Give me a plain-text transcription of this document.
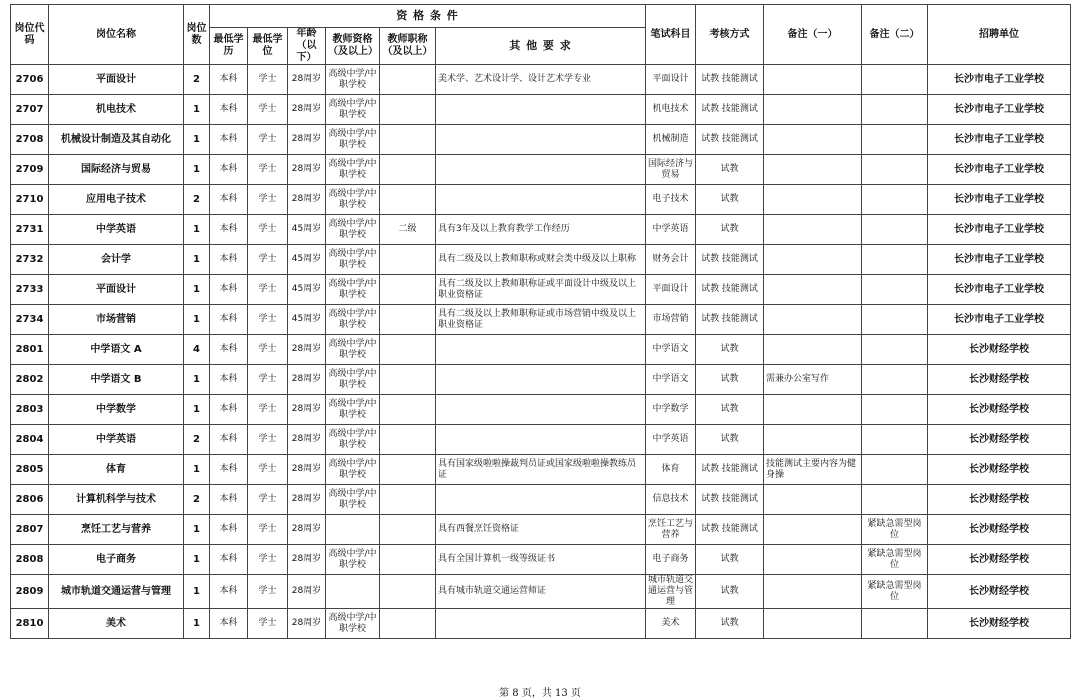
岗位代码	岗位名称	岗位数	资 格 条 件						笔试科目	考核方式	备注（一）	备注（二）	招聘单位
			最低学历	最低学位	年龄（以下）	教师资格（及以上）	教师职称（及以上）	其 他 要 求					
2706	平面设计	2	本科	学士	28周岁	高级中学/中职学校		美术学、艺术设计学、设计艺术学专业	平面设计	试教 技能测试			长沙市电子工业学校
2707	机电技术	1	本科	学士	28周岁	高级中学/中职学校			机电技术	试教 技能测试			长沙市电子工业学校
2708	机械设计制造及其自动化	1	本科	学士	28周岁	高级中学/中职学校			机械制造	试教 技能测试			长沙市电子工业学校
2709	国际经济与贸易	1	本科	学士	28周岁	高级中学/中职学校			国际经济与贸易	试教			长沙市电子工业学校
2710	应用电子技术	2	本科	学士	28周岁	高级中学/中职学校			电子技术	试教			长沙市电子工业学校
2731	中学英语	1	本科	学士	45周岁	高级中学/中职学校	二级	具有3年及以上教育教学工作经历	中学英语	试教			长沙市电子工业学校
2732	会计学	1	本科	学士	45周岁	高级中学/中职学校		具有二级及以上教师职称或财会类中级及以上职称	财务会计	试教 技能测试			长沙市电子工业学校
2733	平面设计	1	本科	学士	45周岁	高级中学/中职学校		具有二级及以上教师职称证或平面设计中级及以上职业资格证	平面设计	试教 技能测试			长沙市电子工业学校
2734	市场营销	1	本科	学士	45周岁	高级中学/中职学校		具有二级及以上教师职称证或市场营销中级及以上职业资格证	市场营销	试教 技能测试			长沙市电子工业学校
2801	中学语文 A	4	本科	学士	28周岁	高级中学/中职学校			中学语文	试教			长沙财经学校
2802	中学语文 B	1	本科	学士	28周岁	高级中学/中职学校			中学语文	试教	需兼办公室写作		长沙财经学校
2803	中学数学	1	本科	学士	28周岁	高级中学/中职学校			中学数学	试教			长沙财经学校
2804	中学英语	2	本科	学士	28周岁	高级中学/中职学校			中学英语	试教			长沙财经学校
2805	体育	1	本科	学士	28周岁	高级中学/中职学校		具有国家级啦啦操裁判员证或国家级啦啦操教练员证	体育	试教 技能测试	技能测试主要内容为健身操		长沙财经学校
2806	计算机科学与技术	2	本科	学士	28周岁	高级中学/中职学校			信息技术	试教 技能测试			长沙财经学校
2807	烹饪工艺与营养	1	本科	学士	28周岁			具有西餐烹饪资格证	烹饪工艺与营养	试教 技能测试		紧缺急需型岗位	长沙财经学校
2808	电子商务	1	本科	学士	28周岁	高级中学/中职学校		具有全国计算机一级等级证书	电子商务	试教		紧缺急需型岗位	长沙财经学校
2809	城市轨道交通运营与管理	1	本科	学士	28周岁			具有城市轨道交通运营师证	城市轨道交通运营与管理	试教		紧缺急需型岗位	长沙财经学校
2810	美术	1	本科	学士	28周岁	高级中学/中职学校			美术	试教			长沙财经学校
第 8 页，共 13 页
